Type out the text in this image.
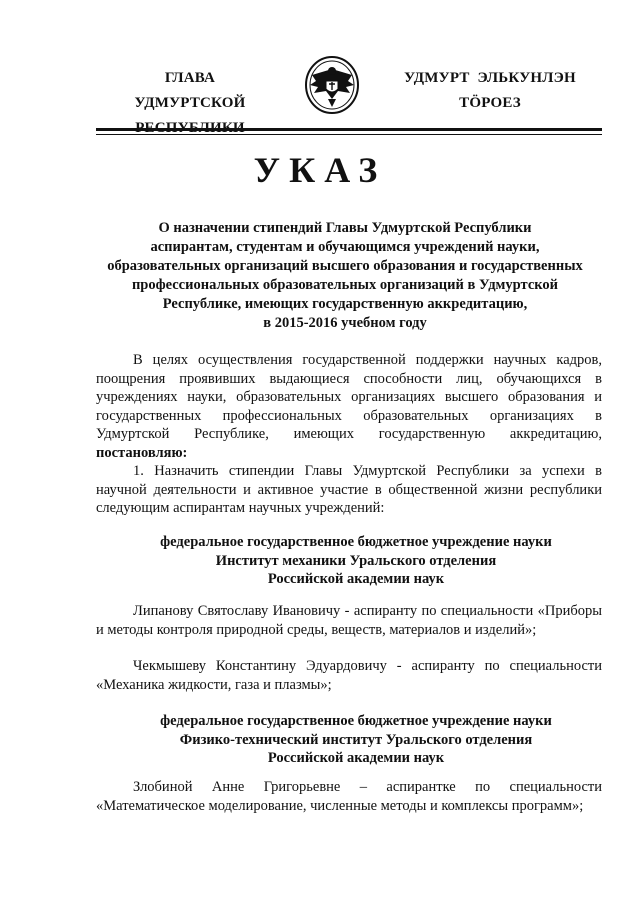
ГЛАВА
УДМУРТСКОЙ
УДМУРТ  ЭЛЬКУНЛЭН
ТӦРОЕЗ
УКАЗ
О назначении стипендий Главы Удмуртской Республики
аспирантам, студентам и обучающимся учреждений науки,
образовательных организаций высшего образования и государственных
профессиональных образовательных организаций в Удмуртской
Республике, имеющих государственную аккредитацию,
в 2015-2016 учебном году
В целях осуществления государственной поддержки научных кадров, поощрения проявивших выдающиеся способности лиц, обучающихся в учреждениях науки, образовательных организациях высшего образования и государственных профессиональных образовательных организациях в Удмуртской Республике, имеющих государственную аккредитацию, постановляю:
1. Назначить стипендии Главы Удмуртской Республики за успехи в научной деятельности и активное участие в общественной жизни республики следующим аспирантам научных учреждений:
федеральное государственное бюджетное учреждение науки
Институт механики Уральского отделения
Российской академии наук
Липанову Святославу Ивановичу - аспиранту по специальности «Приборы и методы контроля природной среды, веществ, материалов и изделий»;
Чекмышеву Константину Эдуардовичу - аспиранту по специальности «Механика жидкости, газа и плазмы»;
федеральное государственное бюджетное учреждение науки
Физико-технический институт Уральского отделения
Российской академии наук
Злобиной Анне Григорьевне – аспирантке по специальности «Математическое моделирование, численные методы и комплексы программ»;
